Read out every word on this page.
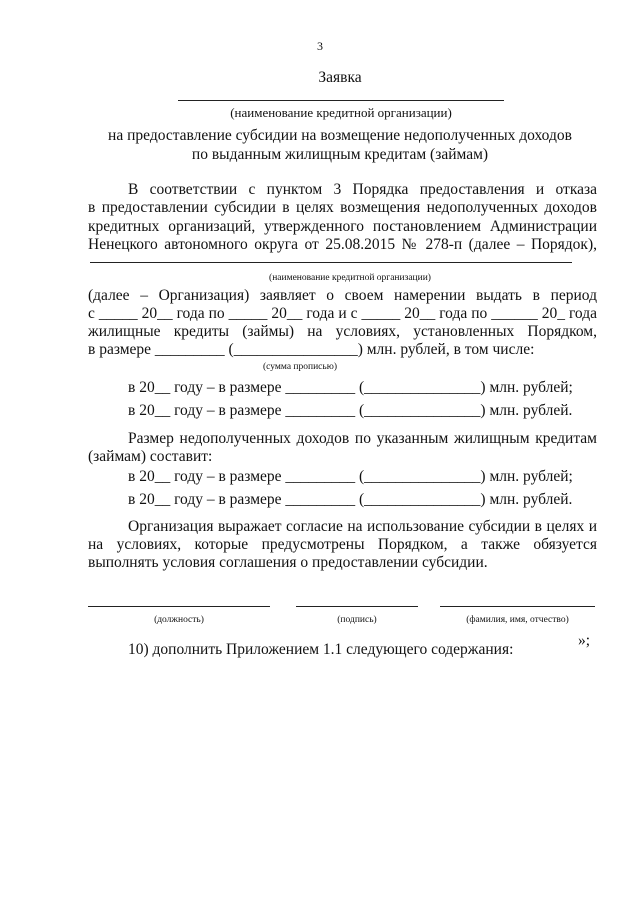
3
Заявка
(наименование кредитной организации)
на предоставление субсидии на возмещение недополученных доходов
по выданным жилищным кредитам (займам)
В соответствии с пунктом 3 Порядка предоставления и отказа
в предоставлении субсидии в целях возмещения недополученных доходов
кредитных организаций, утвержденного постановлением Администрации
Ненецкого автономного округа от 25.08.2015 № 278-п (далее – Порядок),
(наименование кредитной организации)
(далее – Организация) заявляет о своем намерении выдать в период
с _____ 20__ года по _____ 20__ года и с _____ 20__ года по ______ 20_ года
жилищные кредиты (займы) на условиях, установленных Порядком,
в размере _________ (________________) млн. рублей, в том числе:
(сумма прописью)
в 20__ году – в размере _________ (_______________) млн. рублей;
в 20__ году – в размере _________ (_______________) млн. рублей.
Размер недополученных доходов по указанным жилищным кредитам
(займам) составит:
в 20__ году – в размере _________ (_______________) млн. рублей;
в 20__ году – в размере _________ (_______________) млн. рублей.
Организация выражает согласие на использование субсидии в целях и
на условиях, которые предусмотрены Порядком, а также обязуется
выполнять условия соглашения о предоставлении субсидии.
(должность)	(подпись)	(фамилия, имя, отчество)
»;
10) дополнить Приложением 1.1 следующего содержания:
